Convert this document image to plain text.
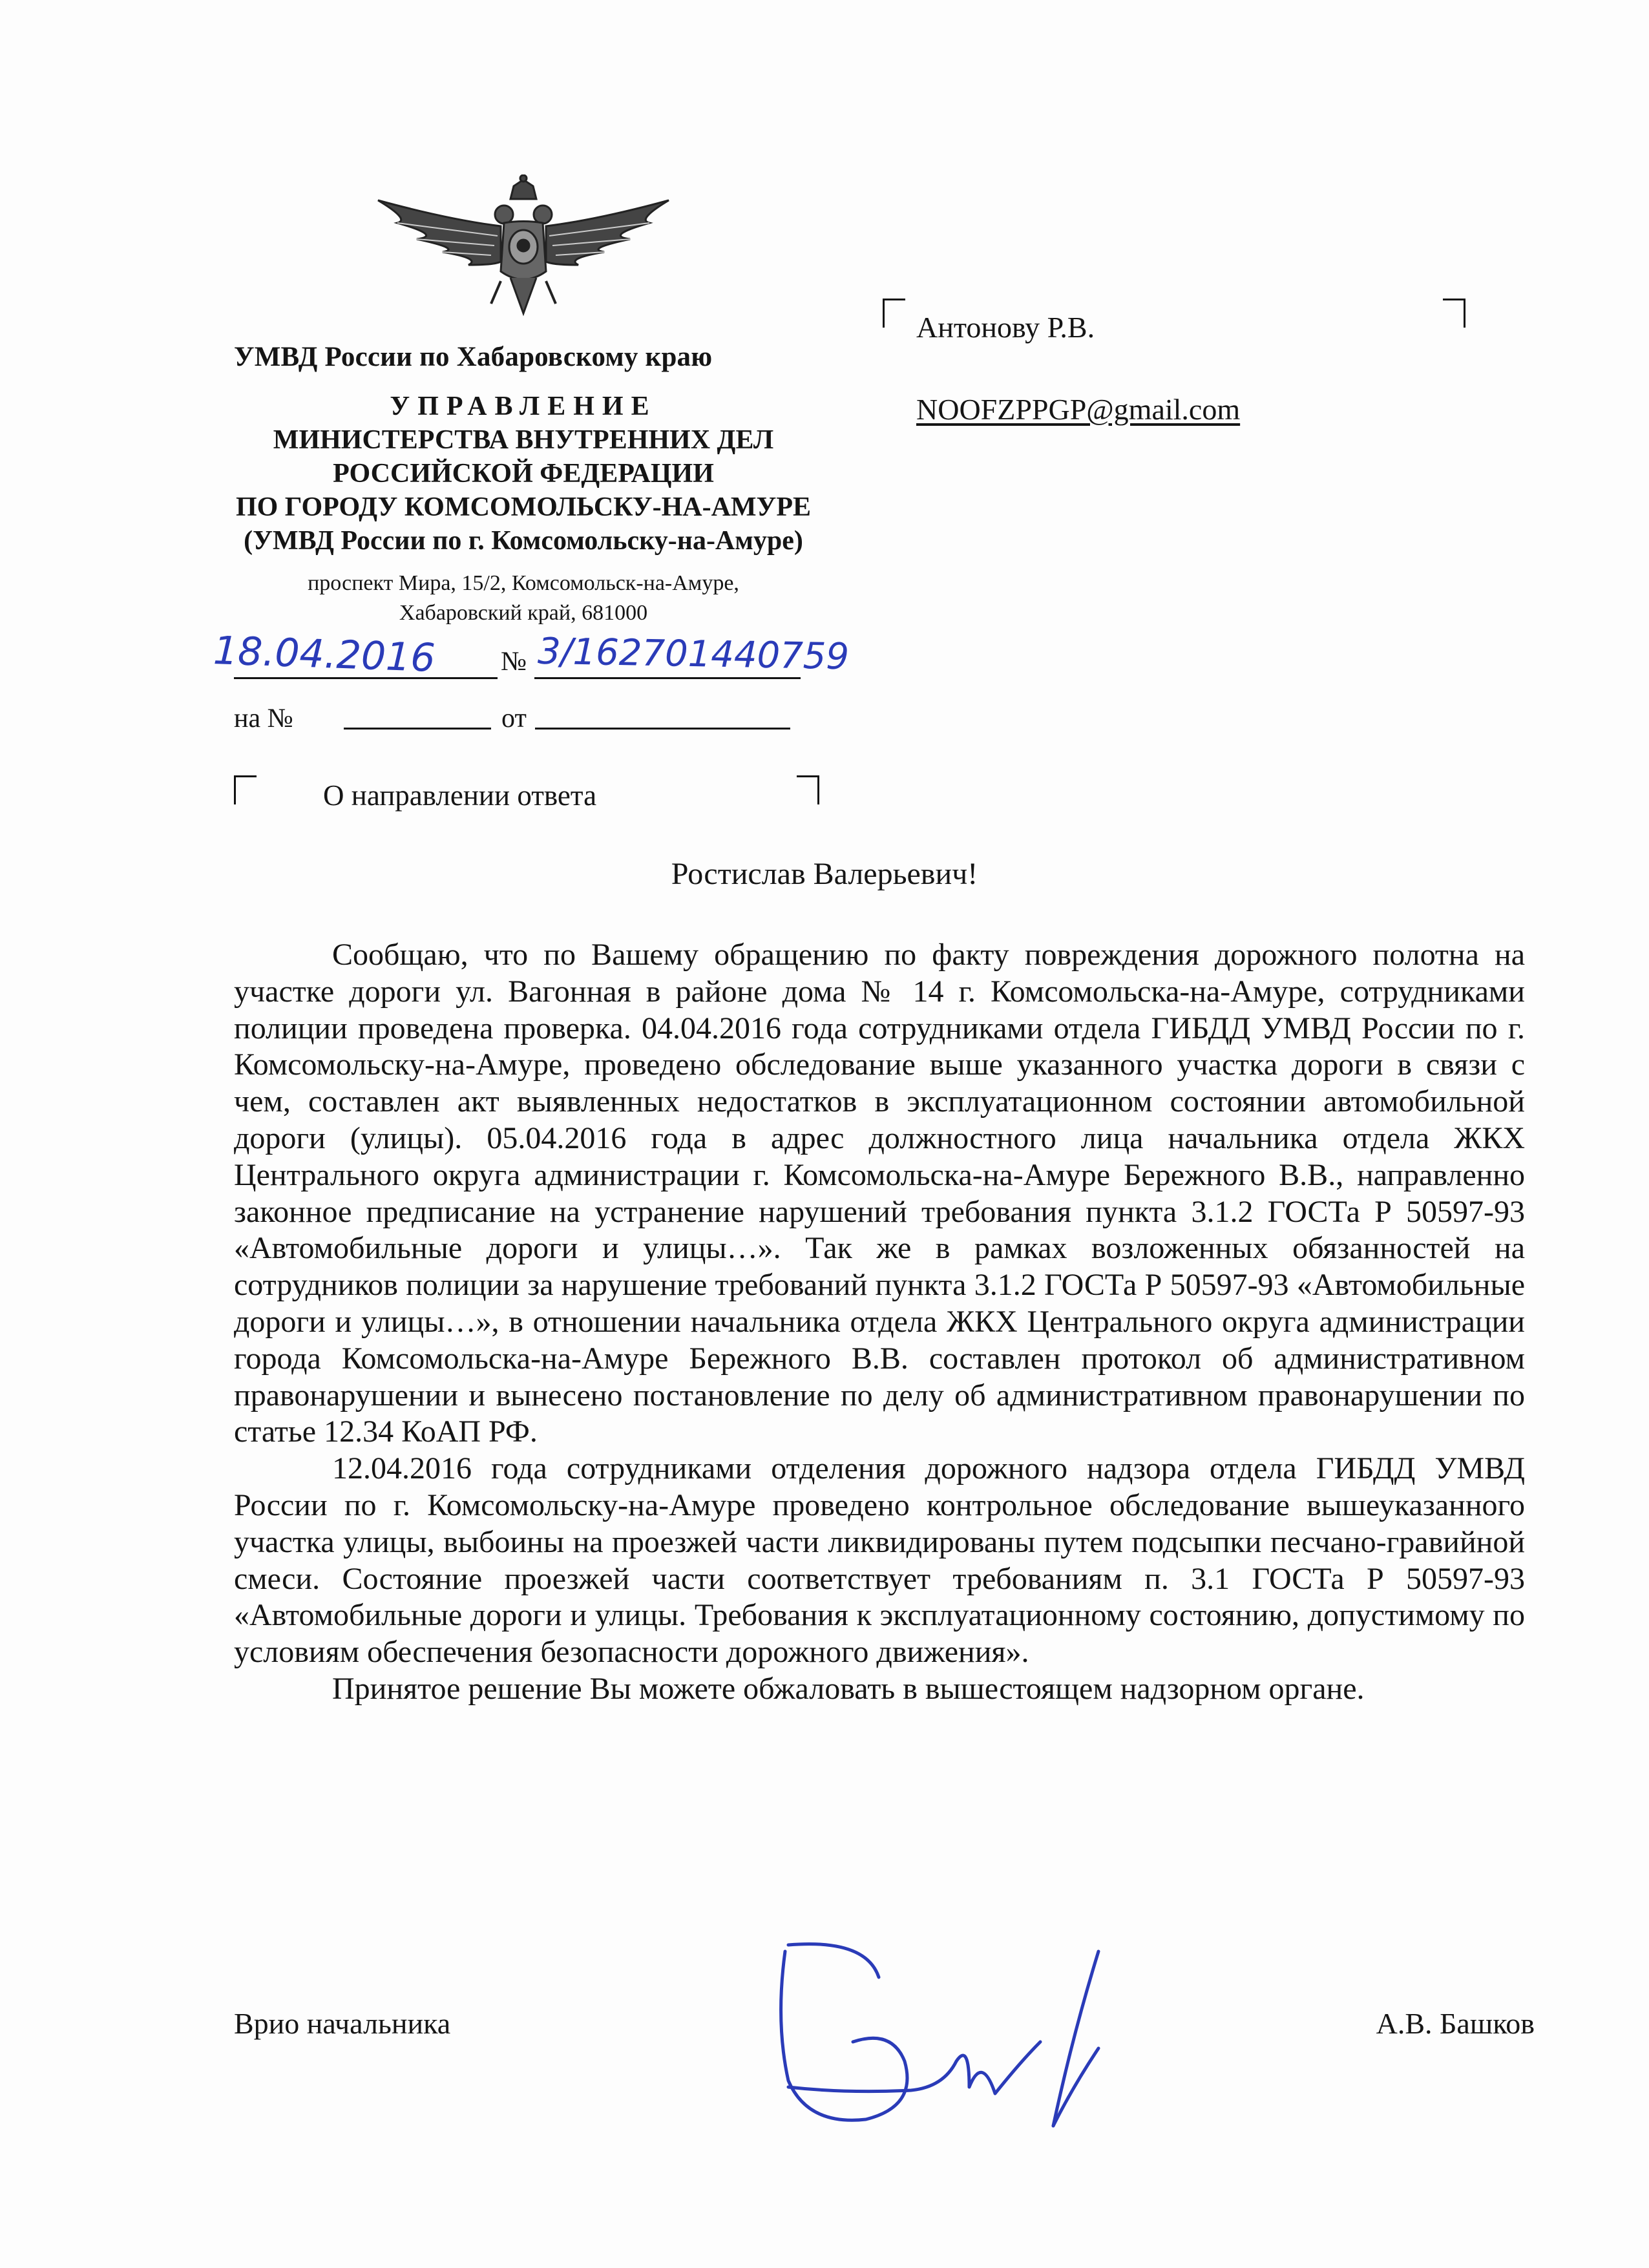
УМВД России по Хабаровскому краю
УПРАВЛЕНИЕ
МИНИСТЕРСТВА ВНУТРЕННИХ ДЕЛ
РОССИЙСКОЙ ФЕДЕРАЦИИ
ПО ГОРОДУ КОМСОМОЛЬСКУ-НА-АМУРЕ
(УМВД России по г. Комсомольску-на-Амуре)
проспект Мира, 15/2, Комсомольск-на-Амуре,
Хабаровский край, 681000
18.04.2016 № 3/162701440759
на №	от
Антонову Р.В.
NOOFZPPGP@gmail.com
О направлении ответа
Ростислав Валерьевич!

Сообщаю, что по Вашему обращению по факту повреждения дорожного полотна на участке дороги ул. Вагонная в районе дома № 14 г. Комсомольска-на-Амуре, сотрудниками полиции проведена проверка. 04.04.2016 года сотрудниками отдела ГИБДД УМВД России по г. Комсомольску-на-Амуре, проведено обследование выше указанного участка дороги в связи с чем, составлен акт выявленных недостатков в эксплуатационном состоянии автомобильной дороги (улицы). 05.04.2016 года в адрес должностного лица начальника отдела ЖКХ Центрального округа администрации г. Комсомольска-на-Амуре Бережного В.В., направленно законное предписание на устранение нарушений требования пункта 3.1.2 ГОСТа Р 50597-93 «Автомобильные дороги и улицы…». Так же в рамках возложенных обязанностей на сотрудников полиции за нарушение требований пункта 3.1.2 ГОСТа Р 50597-93 «Автомобильные дороги и улицы…», в отношении начальника отдела ЖКХ Центрального округа администрации города Комсомольска-на-Амуре Бережного В.В. составлен протокол об административном правонарушении и вынесено постановление по делу об административном правонарушении по статье 12.34 КоАП РФ.

12.04.2016 года сотрудниками отделения дорожного надзора отдела ГИБДД УМВД России по г. Комсомольску-на-Амуре проведено контрольное обследование вышеуказанного участка улицы, выбоины на проезжей части ликвидированы путем подсыпки песчано-гравийной смеси. Состояние проезжей части соответствует требованиям п. 3.1 ГОСТа Р 50597-93 «Автомобильные дороги и улицы. Требования к эксплуатационному состоянию, допустимому по условиям обеспечения безопасности дорожного движения».

Принятое решение Вы можете обжаловать в вышестоящем надзорном органе.

Врио начальника	А.В. Башков
